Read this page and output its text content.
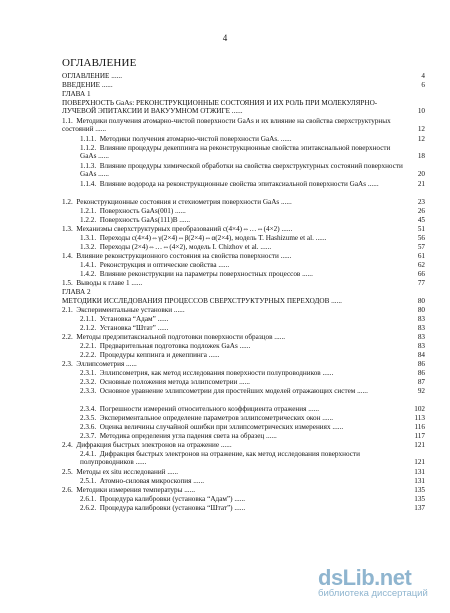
4
ОГЛАВЛЕНИЕ
ОГЛАВЛЕНИЕ ......	4
ВВЕДЕНИЕ ......	6
ГЛАВА 1
ПОВЕРХНОСТЬ GaAs: РЕКОНСТРУКЦИОННЫЕ СОСТОЯНИЯ И ИХ РОЛЬ ПРИ МОЛЕКУЛЯРНО-ЛУЧЕВОЙ ЭПИТАКСИИ И ВАКУУМНОМ ОТЖИГЕ ......	10
1.1.  Методики получения атомарно-чистой поверхности GaAs и их влияние на свойства сверхструктурных состояний ......	12
1.1.1.  Методики получения атомарно-чистой поверхности GaAs. ......	12
1.1.2.  Влияние процедуры декеппинга на реконструкционные свойства эпитаксиальной поверхности GaAs ......	18
1.1.3.  Влияние процедуры химической обработки на свойства сверхструктурных состояний поверхности GaAs ......	20
1.1.4.  Влияние водорода на реконструкционные свойства эпитаксиальной поверхности GaAs ......	21
1.2.  Реконструкционные состояния и стехиометрия поверхности GaAs ......	23
1.2.1.  Поверхность GaAs(001) ......	26
1.2.2.  Поверхность GaAs(111)B ......	45
1.3.  Механизмы сверхструктурных преобразований c(4×4)⇔…⇔(4×2) ......	51
1.3.1.  Переходы c(4×4)⇔γ(2×4)⇔β(2×4)⇔α(2×4), модель T. Hashizume et al. ......	56
1.3.2.  Переходы (2×4)⇔…⇔(4×2), модель I. Chizhov et al. ......	57
1.4.  Влияние реконструкционного состояния на свойства поверхности ......	61
1.4.1.  Реконструкция и оптические свойства ......	62
1.4.2.  Влияние реконструкции на параметры поверхностных процессов ......	66
1.5.  Выводы к главе 1 ......	77
ГЛАВА 2
МЕТОДИКИ ИССЛЕДОВАНИЯ ПРОЦЕССОВ СВЕРХСТРУКТУРНЫХ ПЕРЕХОДОВ ......	80
2.1.  Экспериментальные установки ......	80
2.1.1.  Установка “Адам” ......	83
2.1.2.  Установка “Штат” ......	83
2.2.  Методы предэпитаксиальной подготовки поверхности образцов ......	83
2.2.1.  Предварительная подготовка подложек GaAs ......	83
2.2.2.  Процедуры кеппинга и декеппинга ......	84
2.3.  Эллипсометрия ......	86
2.3.1.  Эллипсометрия, как метод исследования поверхности полупроводников ......	86
2.3.2.  Основные положения метода эллипсометрии ......	87
2.3.3.  Основное уравнение эллипсометрии для простейших моделей отражающих систем ......	92
2.3.4.  Погрешности измерений относительного коэффициента отражения ......	102
2.3.5.  Экспериментальное определение параметров эллипсометрических окон ......	113
2.3.6.  Оценка величины случайной ошибки при эллипсометрических измерениях ......	116
2.3.7.  Методика определения угла падения света на образец ......	117
2.4.  Дифракция быстрых электронов на отражение ......	121
2.4.1.  Дифракция быстрых электронов на отражение, как метод исследования поверхности полупроводников ......	121
2.5.  Методы ex situ исследований ......	131
2.5.1.  Атомно-силовая микроскопия ......	131
2.6.  Методики измерения температуры ......	135
2.6.1.  Процедура калибровки (установка “Адам”) ......	135
2.6.2.  Процедура калибровки (установка “Штат”) ......	137
dsLib.net
библиотека диссертаций
